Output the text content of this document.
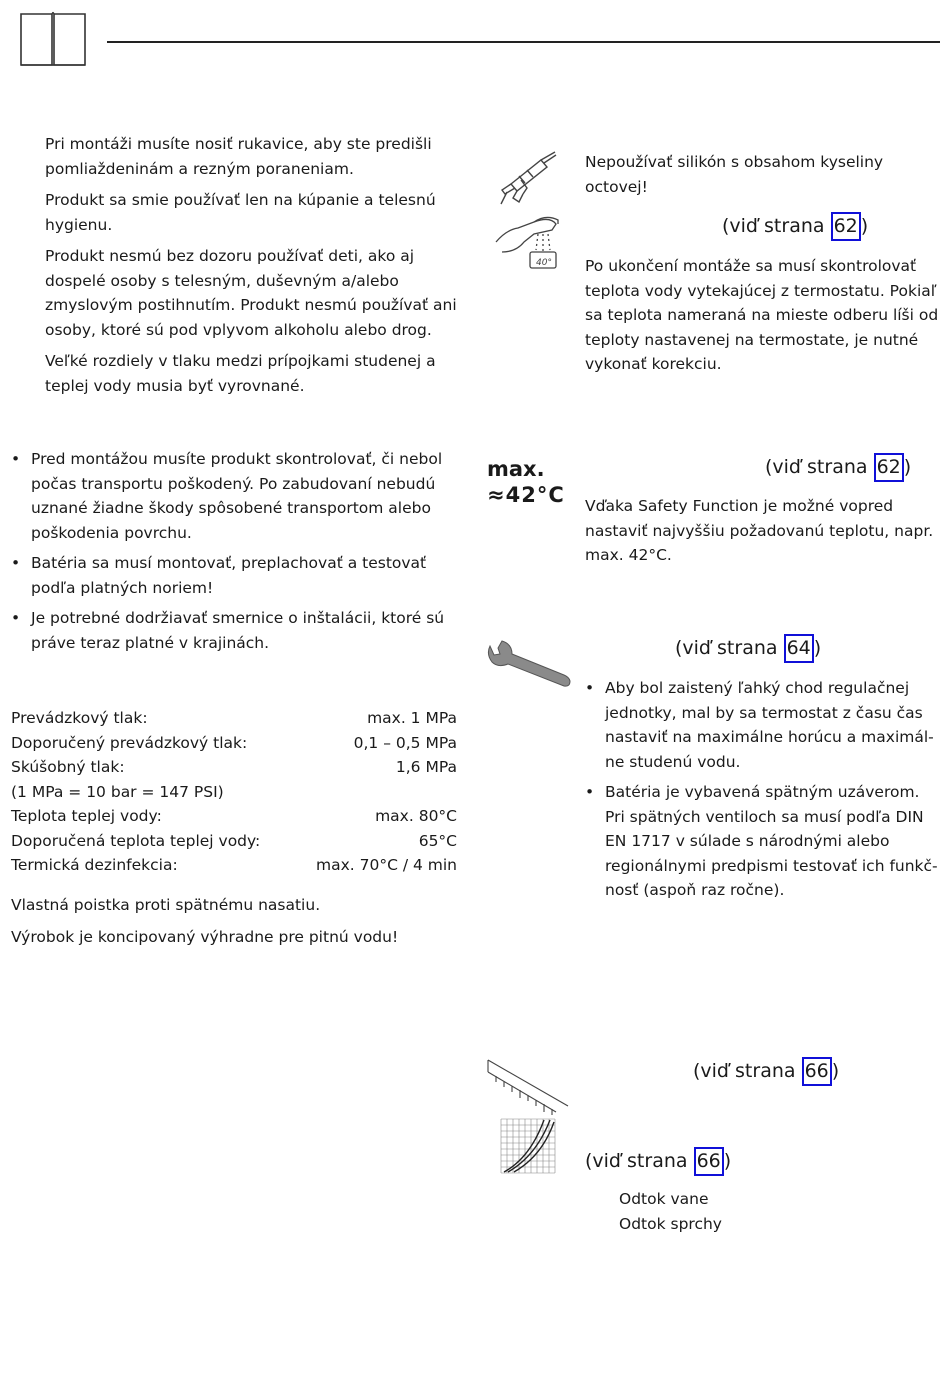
Pri montáži musíte nosiť rukavice, aby ste predišli pomliaždeninám a rezným poraneniam.

Produkt sa smie používať len na kúpanie a telesnú hygienu.

Produkt nesmú bez dozoru používať deti, ako aj dospelé osoby s telesným, duševným a/alebo zmyslovým postihnutím. Produkt nesmú používať ani osoby, ktoré sú pod vplyvom alkoholu alebo drog.

Veľké rozdiely v tlaku medzi prípojkami studenej a teplej vody musia byť vyrovnané.

• Pred montážou musíte produkt skontrolovať, či nebol počas transportu poškodený. Po zabudovaní nebudú uznané žiadne škody spôsobené transportom alebo poškodenia povrchu.
• Batéria sa musí montovať, preplachovať a testovať podľa platných noriem!
• Je potrebné dodržiavať smernice o inštalácii, ktoré sú práve teraz platné v krajinách.
Prevádzkový tlak:	max. 1 MPa
Doporučený prevádzkový tlak:	0,1 – 0,5 MPa
Skúšobný tlak:	1,6 MPa
(1 MPa = 10 bar = 147 PSI)
Teplota teplej vody:	max. 80°C
Doporučená teplota teplej vody:	65°C
Termická dezinfekcia:	max. 70°C / 4 min

Vlastná poistka proti spätnému nasatiu.

Výrobok je koncipovaný výhradne pre pitnú vodu!

Nepoužívať silikón s obsahom kyseliny octovej!

40°
(viď strana 62 )

Po ukončení montáže sa musí skontrolovať teplota vody vytekajúcej z termostatu. Pokiaľ sa teplota nameraná na mieste odberu líši od teploty nastavenej na termostate, je nutné vykonať korekciu.

max.
≈42°C
(viď strana 62 )

Vďaka Safety Function je možné vopred nastaviť najvyššiu požadovanú teplotu, napr. max. 42°C.

(viď strana 64 )
• Aby bol zaistený ľahký chod regulačnej jednotky, mal by sa termostat z času čas nastaviť na maximálne horúcu a maximál-ne studenú vodu.
• Batéria je vybavená spätným uzáverom. Pri spätných ventiloch sa musí podľa DIN EN 1717 v súlade s národnými alebo regionálnymi predpismi testovať ich funkč-nosť (aspoň raz ročne).
(viď strana 66 )
(viď strana 66 )

Odtok vane

Odtok sprchy
